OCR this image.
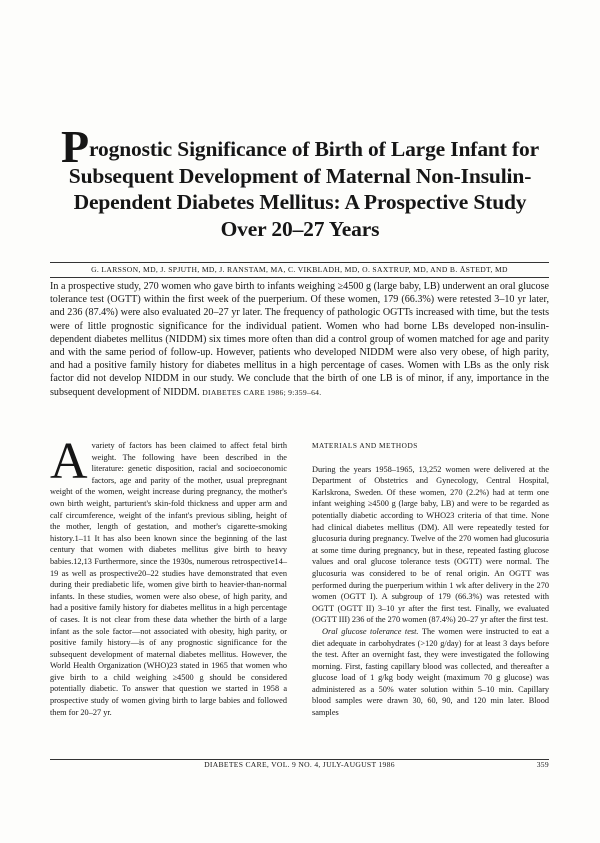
Prognostic Significance of Birth of Large Infant for Subsequent Development of Maternal Non-Insulin-Dependent Diabetes Mellitus: A Prospective Study Over 20–27 Years
G. LARSSON, MD, J. SPJUTH, MD, J. RANSTAM, MA, C. VIKBLADH, MD, O. SAXTRUP, MD, AND B. ÅSTEDT, MD
In a prospective study, 270 women who gave birth to infants weighing ≥4500 g (large baby, LB) underwent an oral glucose tolerance test (OGTT) within the first week of the puerperium. Of these women, 179 (66.3%) were retested 3–10 yr later, and 236 (87.4%) were also evaluated 20–27 yr later. The frequency of pathologic OGTTs increased with time, but the tests were of little prognostic significance for the individual patient. Women who had borne LBs developed non-insulin-dependent diabetes mellitus (NIDDM) six times more often than did a control group of women matched for age and parity and with the same period of follow-up. However, patients who developed NIDDM were also very obese, of high parity, and had a positive family history for diabetes mellitus in a high percentage of cases. Women with LBs as the only risk factor did not develop NIDDM in our study. We conclude that the birth of one LB is of minor, if any, importance in the subsequent development of NIDDM. DIABETES CARE 1986; 9:359–64.

Avariety of factors has been claimed to affect fetal birth weight. The following have been described in the literature: genetic disposition, racial and socioeconomic factors, age and parity of the mother, usual prepregnant weight of the women, weight increase during pregnancy, the mother's own birth weight, parturient's skin-fold thickness and upper arm and calf circumference, weight of the infant's previous sibling, height of the mother, length of gestation, and mother's cigarette-smoking history.1–11 It has also been known since the beginning of the last century that women with diabetes mellitus give birth to heavy babies.12,13 Furthermore, since the 1930s, numerous retrospective14–19 as well as prospective20–22 studies have demonstrated that even during their prediabetic life, women give birth to heavier-than-normal infants. In these studies, women were also obese, of high parity, and had a positive family history for diabetes mellitus in a high percentage of cases. It is not clear from these data whether the birth of a large infant as the sole factor—not associated with obesity, high parity, or positive family history—is of any prognostic significance for the subsequent development of maternal diabetes mellitus. However, the World Health Organization (WHO)23 stated in 1965 that women who give birth to a child weighing ≥4500 g should be considered potentially diabetic. To answer that question we started in 1958 a prospective study of women giving birth to large babies and followed them for 20–27 yr.

MATERIALS AND METHODS

During the years 1958–1965, 13,252 women were delivered at the Department of Obstetrics and Gynecology, Central Hospital, Karlskrona, Sweden. Of these women, 270 (2.2%) had at term one infant weighing ≥4500 g (large baby, LB) and were to be regarded as potentially diabetic according to WHO23 criteria of that time. None had clinical diabetes mellitus (DM). All were repeatedly tested for glucosuria during pregnancy. Twelve of the 270 women had glucosuria at some time during pregnancy, but in these, repeated fasting glucose values and oral glucose tolerance tests (OGTT) were normal. The glucosuria was considered to be of renal origin. An OGTT was performed during the puerperium within 1 wk after delivery in the 270 women (OGTT I). A subgroup of 179 (66.3%) was retested with OGTT (OGTT II) 3–10 yr after the first test. Finally, we evaluated (OGTT III) 236 of the 270 women (87.4%) 20–27 yr after the first test.

Oral glucose tolerance test. The women were instructed to eat a diet adequate in carbohydrates (>120 g/day) for at least 3 days before the test. After an overnight fast, they were investigated the following morning. First, fasting capillary blood was collected, and thereafter a glucose load of 1 g/kg body weight (maximum 70 g glucose) was administered as a 50% water solution within 5–10 min. Capillary blood samples were drawn 30, 60, 90, and 120 min later. Blood samples

DIABETES CARE, VOL. 9 NO. 4, JULY-AUGUST 1986	359
